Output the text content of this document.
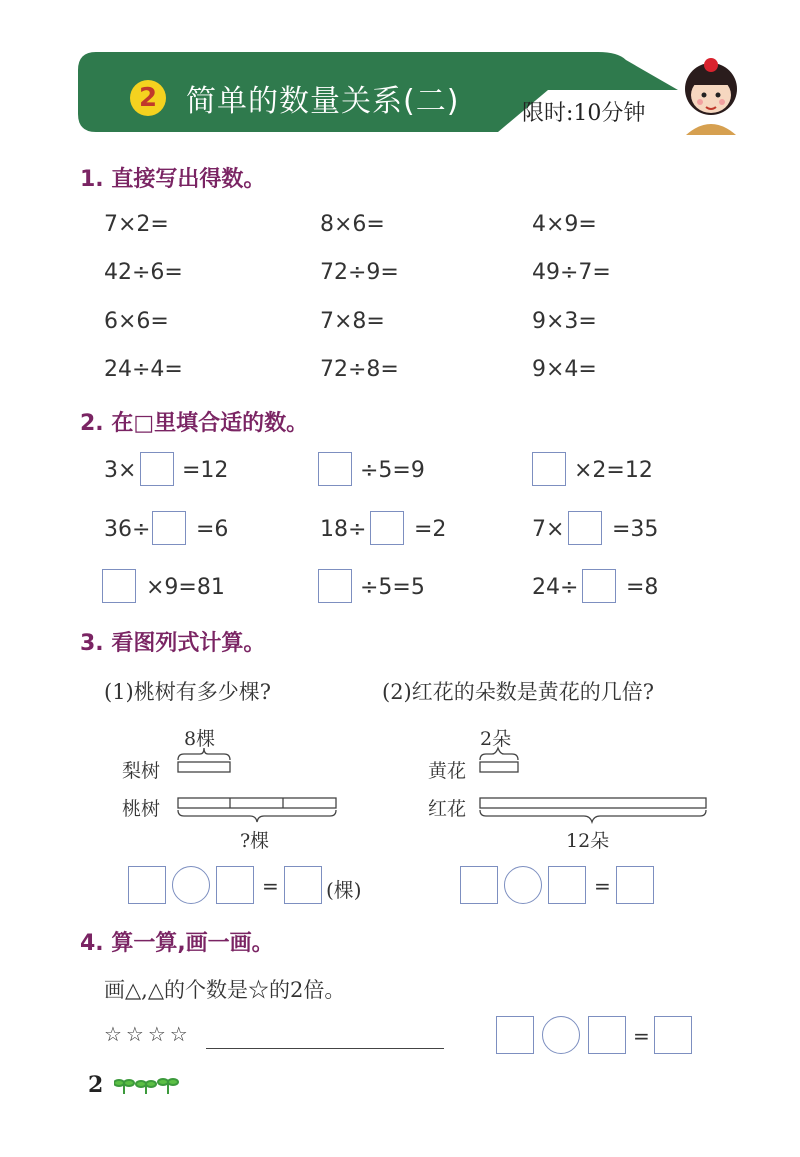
2 简单的数量关系(二)	限时:10分钟
1. 直接写出得数。
7×2=	8×6=	4×9=
42÷6=	72÷9=	49÷7=
6×6=	7×8=	9×3=
24÷4=	72÷8=	9×4=
2. 在□里填合适的数。
3× =12	÷5=9	×2=12
36÷ =6	18÷ =2	7× =35
×9=81	÷5=5	24÷ =8
3. 看图列式计算。
(1)桃树有多少棵?	(2)红花的朵数是黄花的几倍?
8棵
梨树
桃树
?棵
2朵
黄花
红花
12朵
= (棵)	=
4. 算一算,画一画。
画△,△的个数是☆的2倍。
☆☆☆☆	=
2
